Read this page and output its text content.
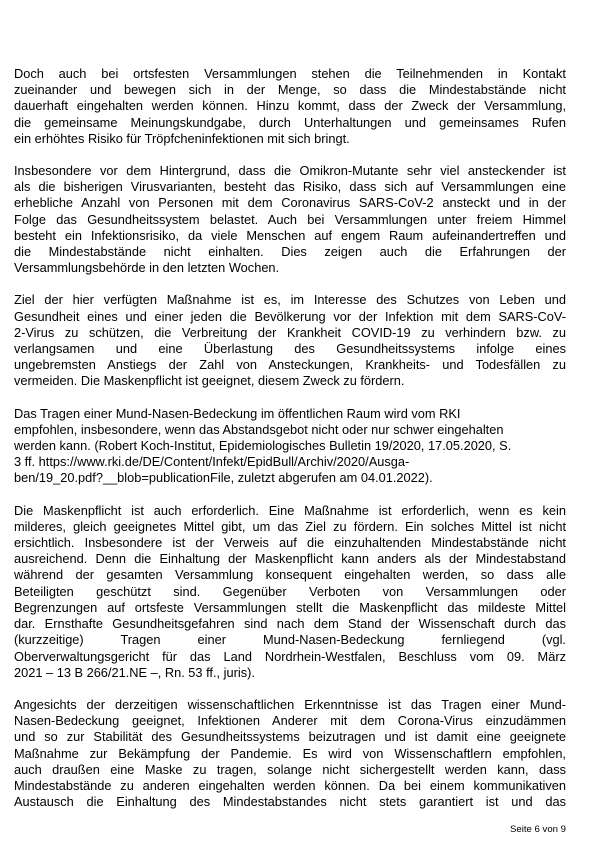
Doch auch bei ortsfesten Versammlungen stehen die Teilnehmenden in Kontakt
zueinander und bewegen sich in der Menge, so dass die Mindestabstände nicht
dauerhaft eingehalten werden können. Hinzu kommt, dass der Zweck der Versammlung,
die gemeinsame Meinungskundgabe, durch Unterhaltungen und gemeinsames Rufen
ein erhöhtes Risiko für Tröpfcheninfektionen mit sich bringt.

Insbesondere vor dem Hintergrund, dass die Omikron-Mutante sehr viel ansteckender ist
als die bisherigen Virusvarianten, besteht das Risiko, dass sich auf Versammlungen eine
erhebliche Anzahl von Personen mit dem Coronavirus SARS-CoV-2 ansteckt und in der
Folge das Gesundheitssystem belastet. Auch bei Versammlungen unter freiem Himmel
besteht ein Infektionsrisiko, da viele Menschen auf engem Raum aufeinandertreffen und
die Mindestabstände nicht einhalten. Dies zeigen auch die Erfahrungen der
Versammlungsbehörde in den letzten Wochen.

Ziel der hier verfügten Maßnahme ist es, im Interesse des Schutzes von Leben und
Gesundheit eines und einer jeden die Bevölkerung vor der Infektion mit dem SARS-CoV-
2-Virus zu schützen, die Verbreitung der Krankheit COVID-19 zu verhindern bzw. zu
verlangsamen und eine Überlastung des Gesundheitssystems infolge eines
ungebremsten Anstiegs der Zahl von Ansteckungen, Krankheits- und Todesfällen zu
vermeiden. Die Maskenpflicht ist geeignet, diesem Zweck zu fördern.

Das Tragen einer Mund-Nasen-Bedeckung im öffentlichen Raum wird vom RKI
empfohlen, insbesondere, wenn das Abstandsgebot nicht oder nur schwer eingehalten
werden kann. (Robert Koch-Institut, Epidemiologisches Bulletin 19/2020, 17.05.2020, S.
3 ff. https://www.rki.de/DE/Content/Infekt/EpidBull/Archiv/2020/Ausga-
ben/19_20.pdf?__blob=publicationFile, zuletzt abgerufen am 04.01.2022).

Die Maskenpflicht ist auch erforderlich. Eine Maßnahme ist erforderlich, wenn es kein
milderes, gleich geeignetes Mittel gibt, um das Ziel zu fördern. Ein solches Mittel ist nicht
ersichtlich. Insbesondere ist der Verweis auf die einzuhaltenden Mindestabstände nicht
ausreichend. Denn die Einhaltung der Maskenpflicht kann anders als der Mindestabstand
während der gesamten Versammlung konsequent eingehalten werden, so dass alle
Beteiligten geschützt sind. Gegenüber Verboten von Versammlungen oder
Begrenzungen auf ortsfeste Versammlungen stellt die Maskenpflicht das mildeste Mittel
dar. Ernsthafte Gesundheitsgefahren sind nach dem Stand der Wissenschaft durch das
(kurzzeitige) Tragen einer Mund-Nasen-Bedeckung fernliegend (vgl.
Oberverwaltungsgericht für das Land Nordrhein-Westfalen, Beschluss vom 09. März
2021 – 13 B 266/21.NE –, Rn. 53 ff., juris).

Angesichts der derzeitigen wissenschaftlichen Erkenntnisse ist das Tragen einer Mund-
Nasen-Bedeckung geeignet, Infektionen Anderer mit dem Corona-Virus einzudämmen
und so zur Stabilität des Gesundheitssystems beizutragen und ist damit eine geeignete
Maßnahme zur Bekämpfung der Pandemie. Es wird von Wissenschaftlern empfohlen,
auch draußen eine Maske zu tragen, solange nicht sichergestellt werden kann, dass
Mindestabstände zu anderen eingehalten werden können. Da bei einem kommunikativen
Austausch die Einhaltung des Mindestabstandes nicht stets garantiert ist und das

Seite 6 von 9
